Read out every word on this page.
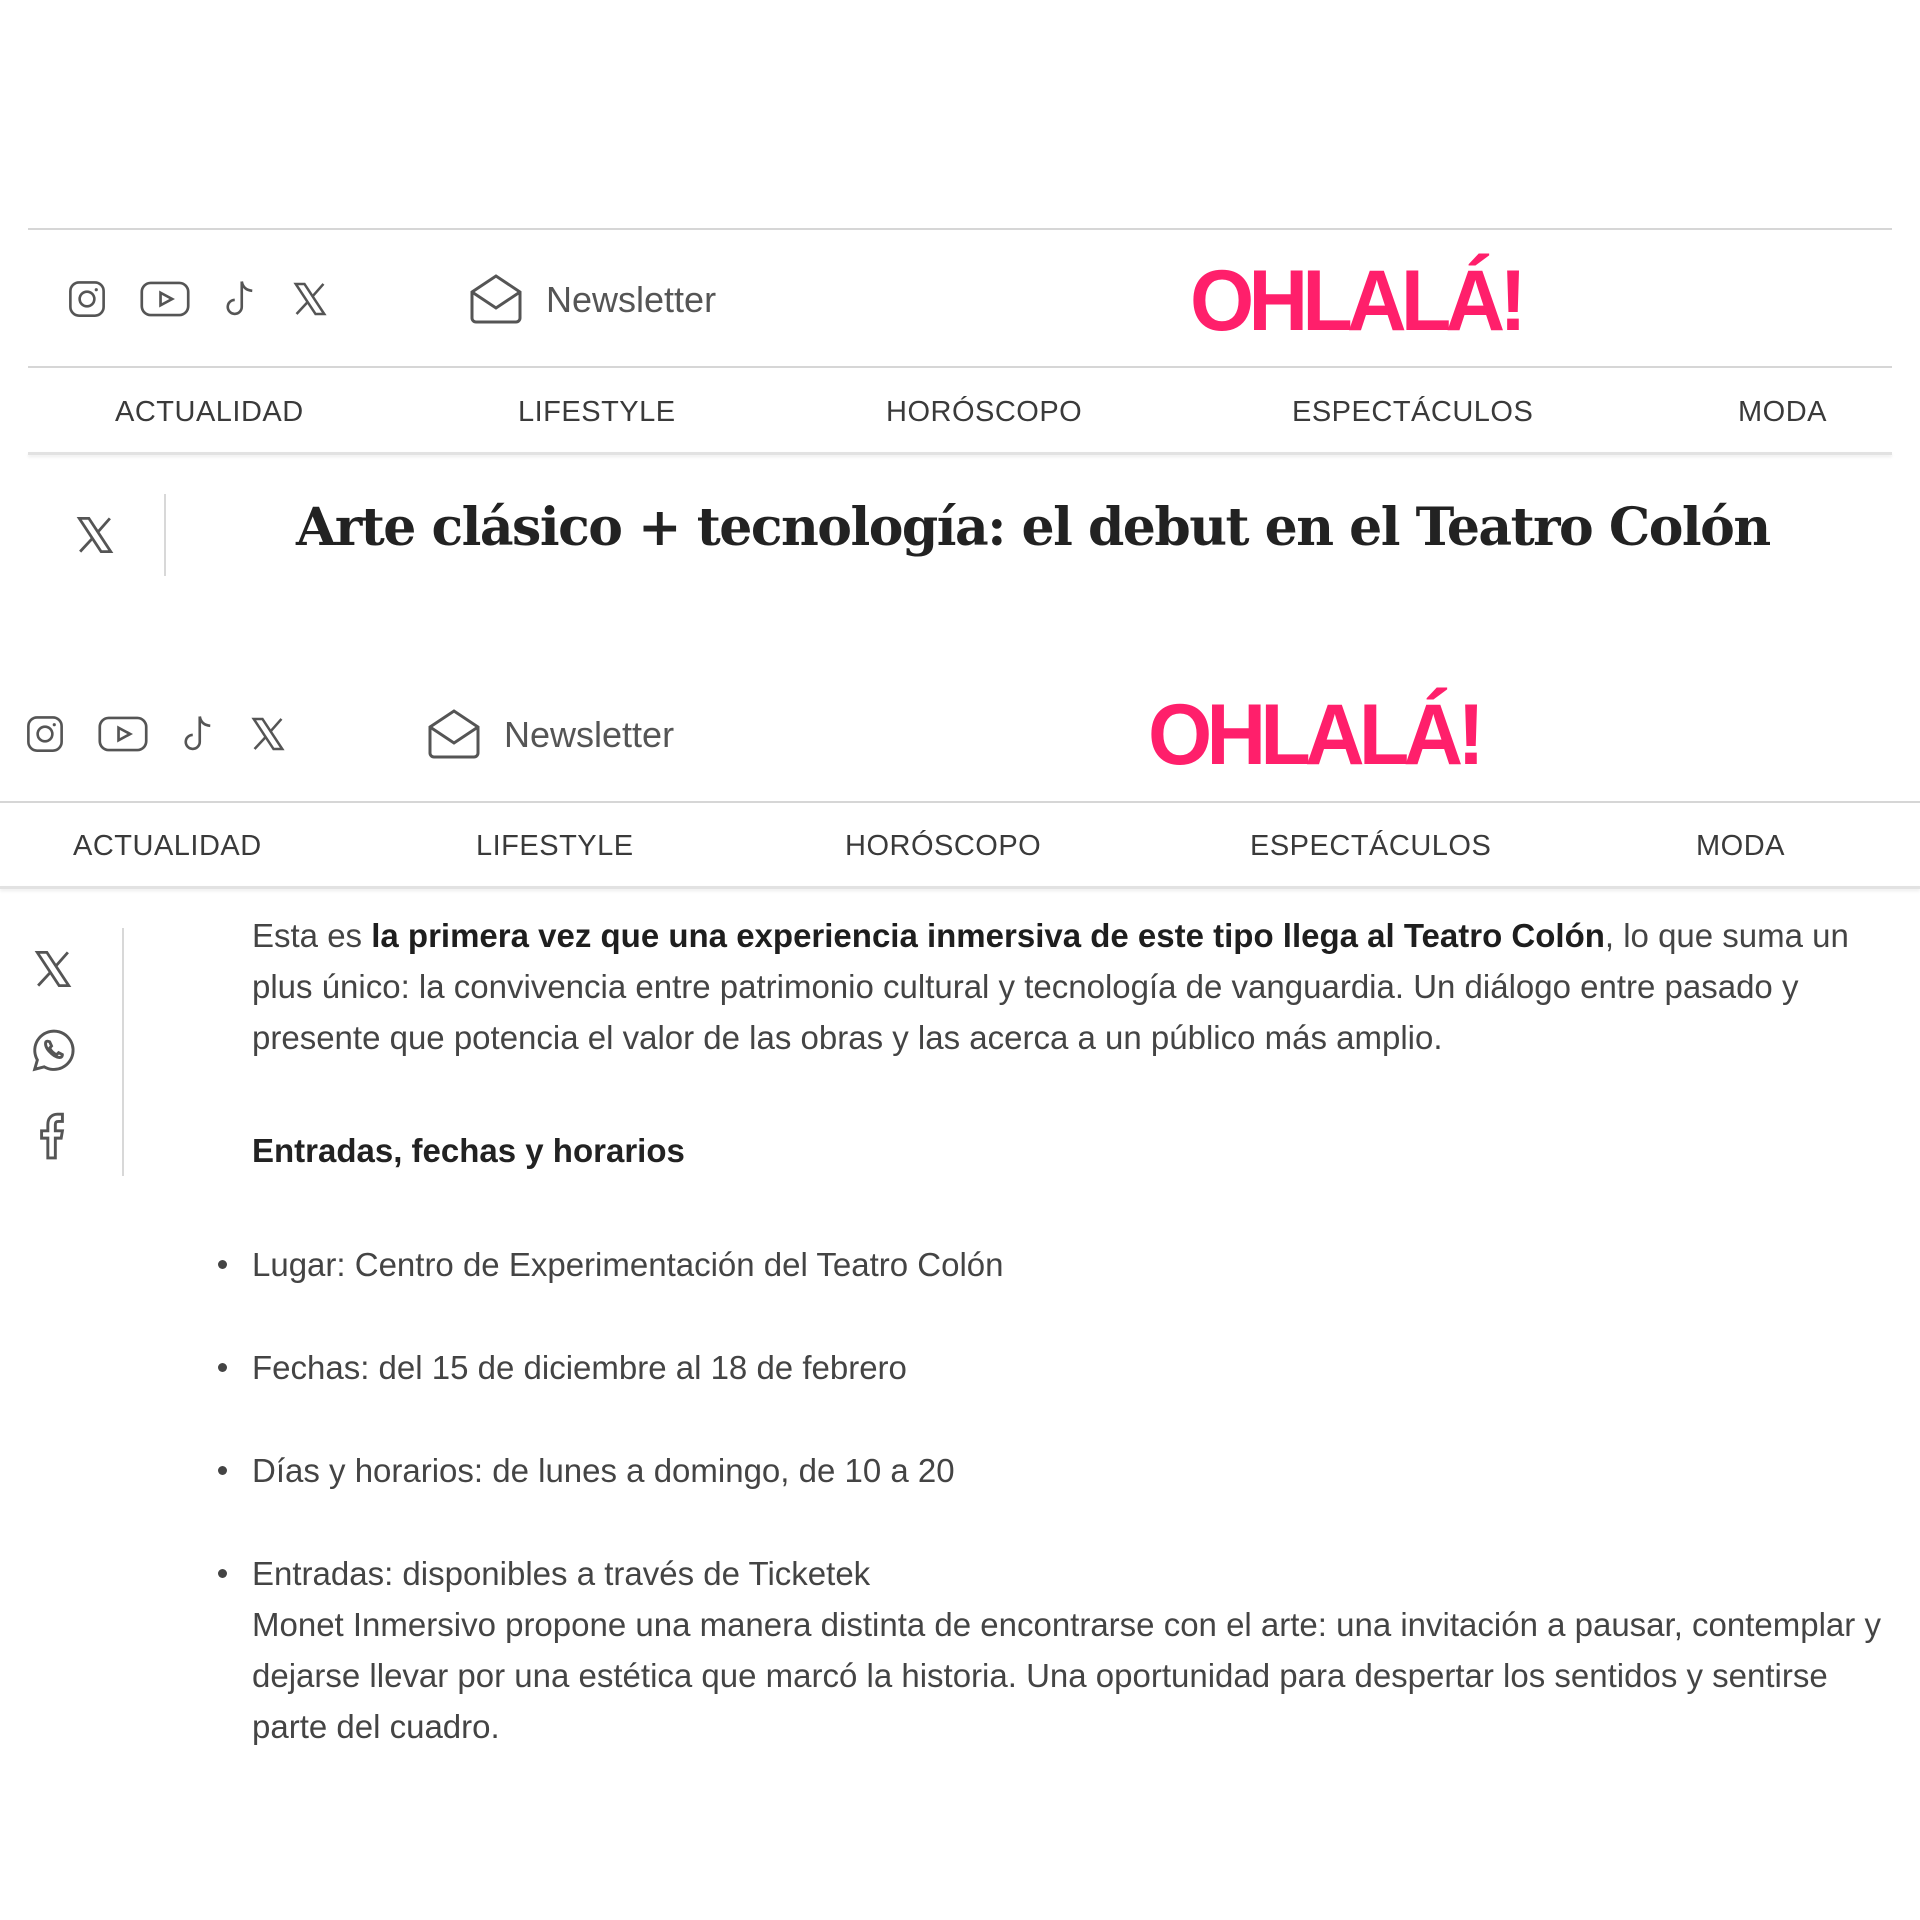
Newsletter	OHLALÁ!
ACTUALIDAD	LIFESTYLE	HORÓSCOPO	ESPECTÁCULOS	MODA
Arte clásico + tecnología: el debut en el Teatro Colón
Newsletter	OHLALÁ!
ACTUALIDAD	LIFESTYLE	HORÓSCOPO	ESPECTÁCULOS	MODA
Esta es la primera vez que una experiencia inmersiva de este tipo llega al Teatro Colón, lo que suma un plus único: la convivencia entre patrimonio cultural y tecnología de vanguardia. Un diálogo entre pasado y presente que potencia el valor de las obras y las acerca a un público más amplio.
Entradas, fechas y horarios
Lugar: Centro de Experimentación del Teatro Colón
Fechas: del 15 de diciembre al 18 de febrero
Días y horarios: de lunes a domingo, de 10 a 20
Entradas: disponibles a través de Ticketek
Monet Inmersivo propone una manera distinta de encontrarse con el arte: una invitación a pausar, contemplar y dejarse llevar por una estética que marcó la historia. Una oportunidad para despertar los sentidos y sentirse parte del cuadro.
